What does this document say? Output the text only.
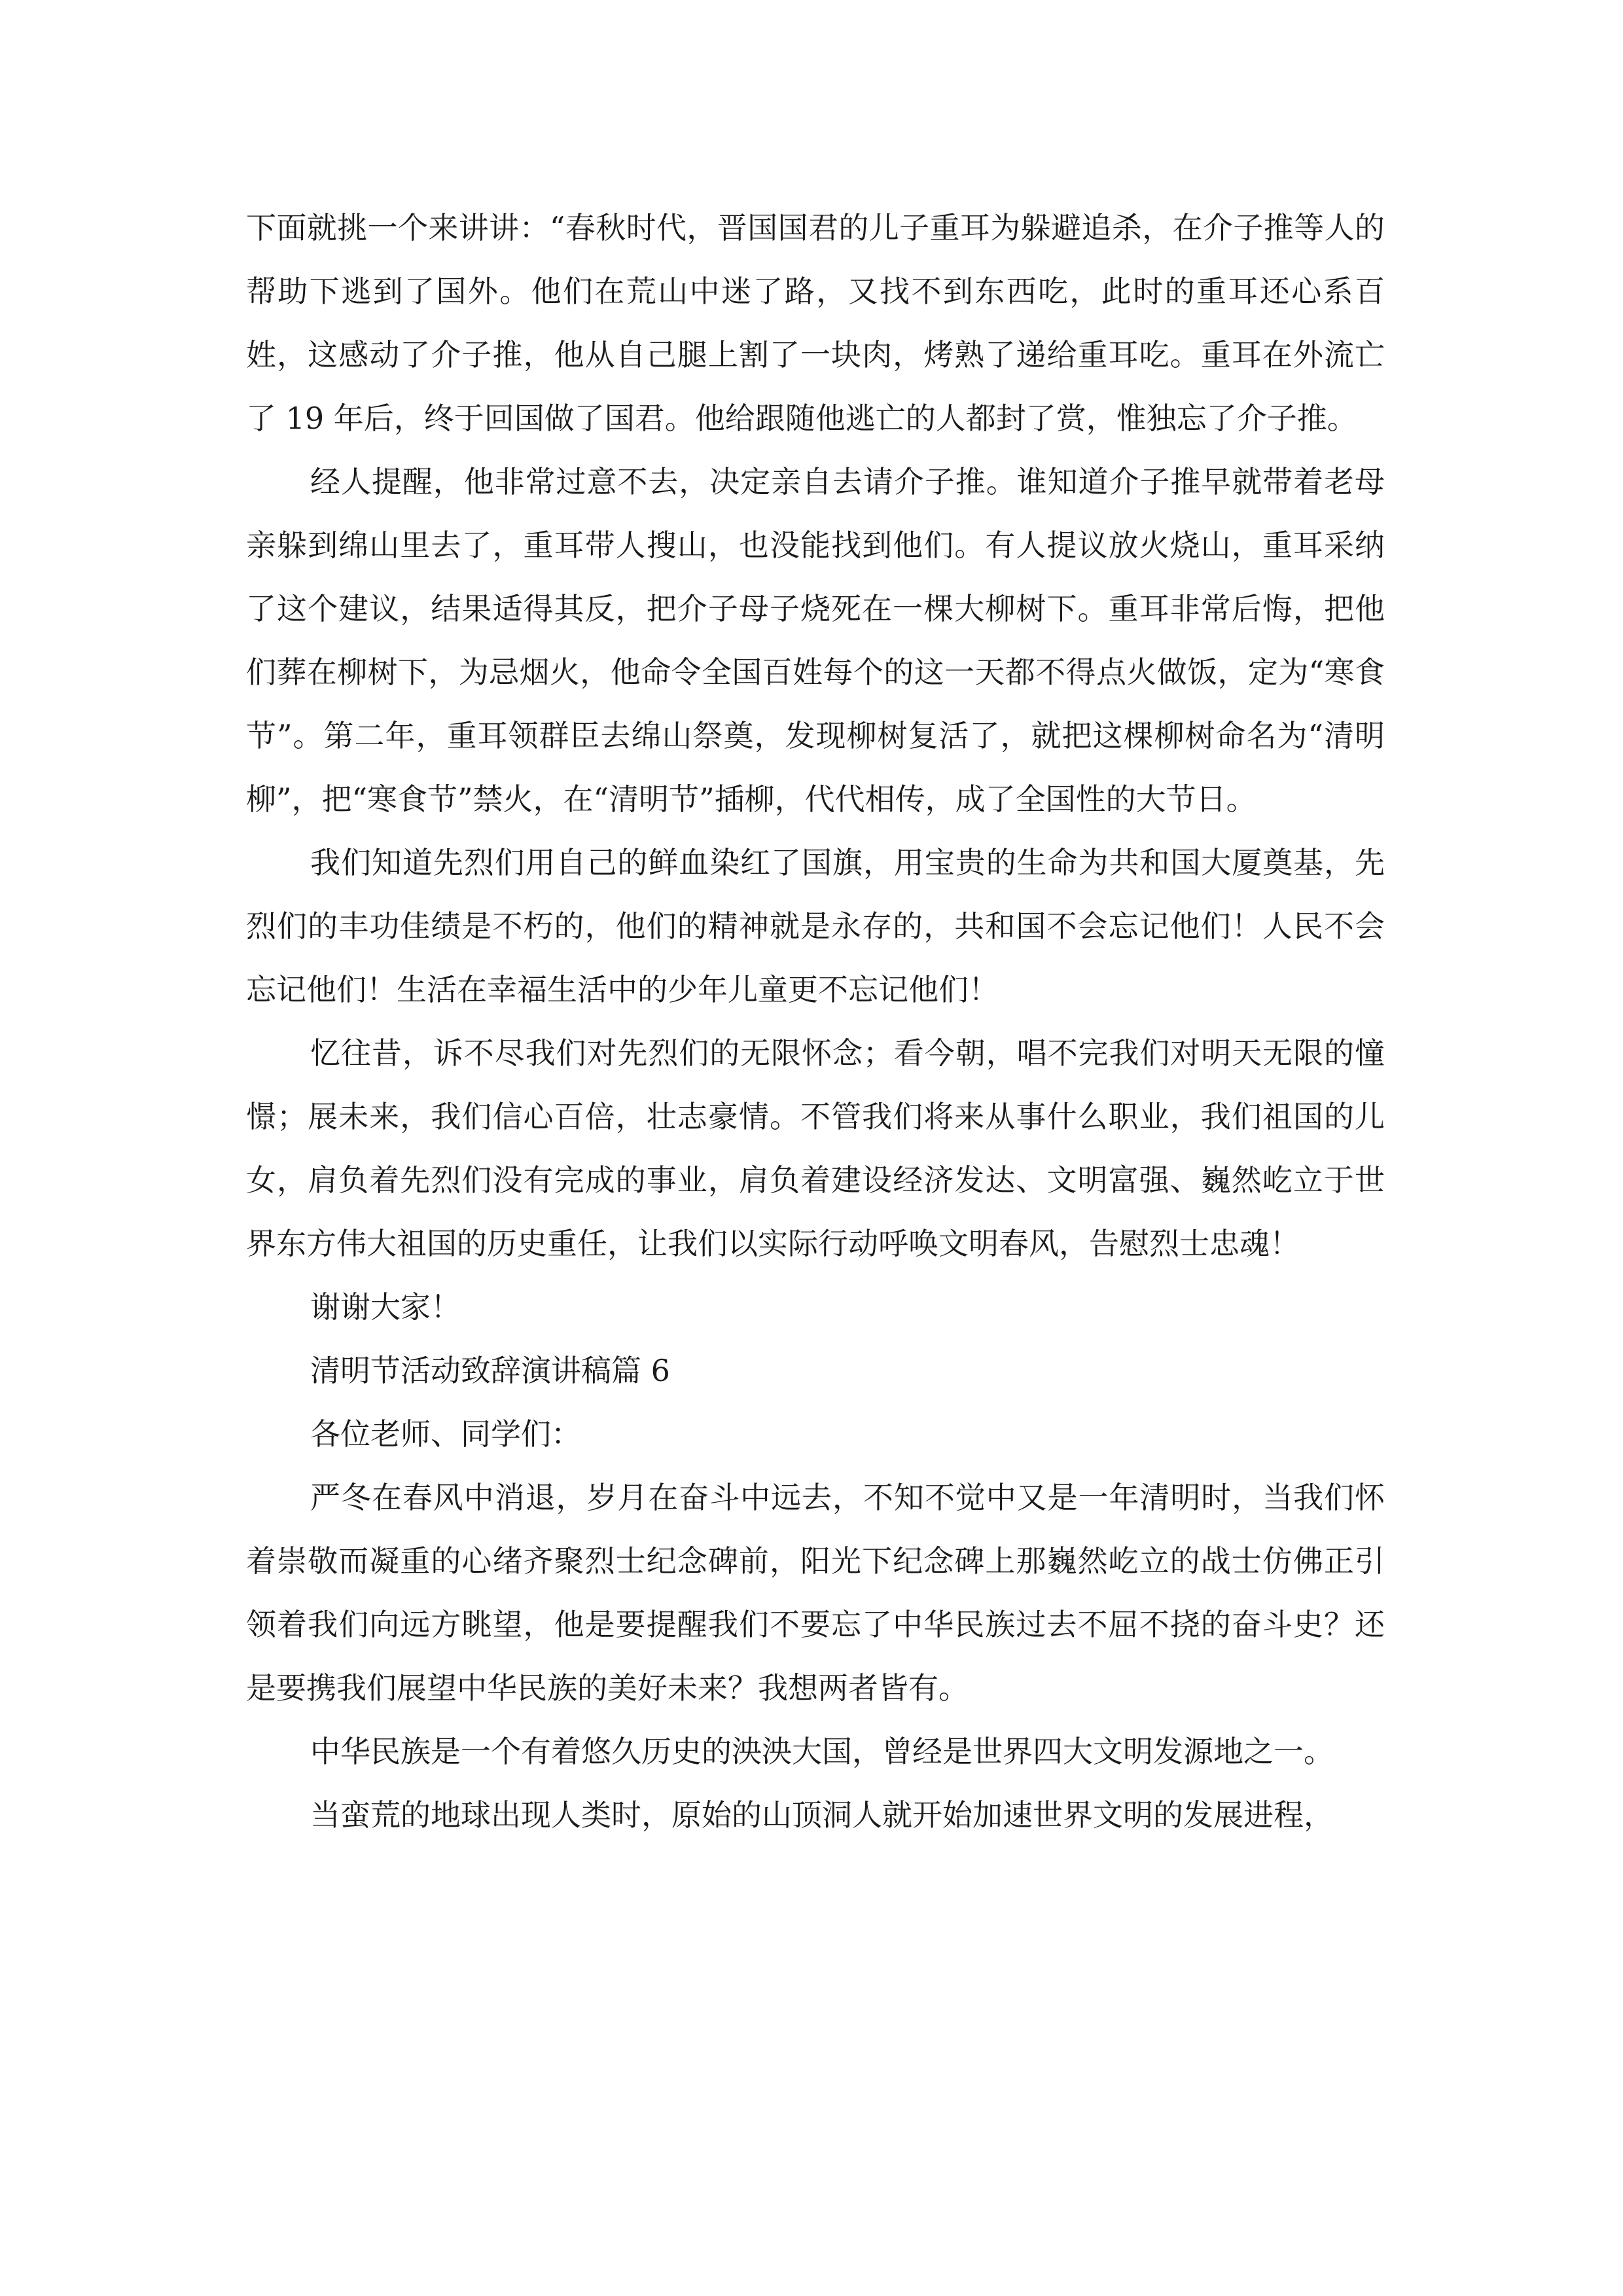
下面就挑一个来讲讲：“春秋时代，晋国国君的儿子重耳为躲避追杀，在介子推等人的帮助下逃到了国外。他们在荒山中迷了路，又找不到东西吃，此时的重耳还心系百姓，这感动了介子推，他从自己腿上割了一块肉，烤熟了递给重耳吃。重耳在外流亡了 19 年后，终于回国做了国君。他给跟随他逃亡的人都封了赏，惟独忘了介子推。

经人提醒，他非常过意不去，决定亲自去请介子推。谁知道介子推早就带着老母亲躲到绵山里去了，重耳带人搜山，也没能找到他们。有人提议放火烧山，重耳采纳了这个建议，结果适得其反，把介子母子烧死在一棵大柳树下。重耳非常后悔，把他们葬在柳树下，为忌烟火，他命令全国百姓每个的这一天都不得点火做饭，定为“寒食节”。第二年，重耳领群臣去绵山祭奠，发现柳树复活了，就把这棵柳树命名为“清明柳”，把“寒食节”禁火，在“清明节”插柳，代代相传，成了全国性的大节日。

我们知道先烈们用自己的鲜血染红了国旗，用宝贵的生命为共和国大厦奠基，先烈们的丰功佳绩是不朽的，他们的精神就是永存的，共和国不会忘记他们！人民不会忘记他们！生活在幸福生活中的少年儿童更不忘记他们！

忆往昔，诉不尽我们对先烈们的无限怀念；看今朝，唱不完我们对明天无限的憧憬；展未来，我们信心百倍，壮志豪情。不管我们将来从事什么职业，我们祖国的儿女，肩负着先烈们没有完成的事业，肩负着建设经济发达、文明富强、巍然屹立于世界东方伟大祖国的历史重任，让我们以实际行动呼唤文明春风，告慰烈士忠魂！

谢谢大家！

清明节活动致辞演讲稿篇 6

各位老师、同学们：

严冬在春风中消退，岁月在奋斗中远去，不知不觉中又是一年清明时，当我们怀着崇敬而凝重的心绪齐聚烈士纪念碑前，阳光下纪念碑上那巍然屹立的战士仿佛正引领着我们向远方眺望，他是要提醒我们不要忘了中华民族过去不屈不挠的奋斗史？还是要携我们展望中华民族的美好未来？我想两者皆有。

中华民族是一个有着悠久历史的泱泱大国，曾经是世界四大文明发源地之一。

当蛮荒的地球出现人类时，原始的山顶洞人就开始加速世界文明的发展进程，
